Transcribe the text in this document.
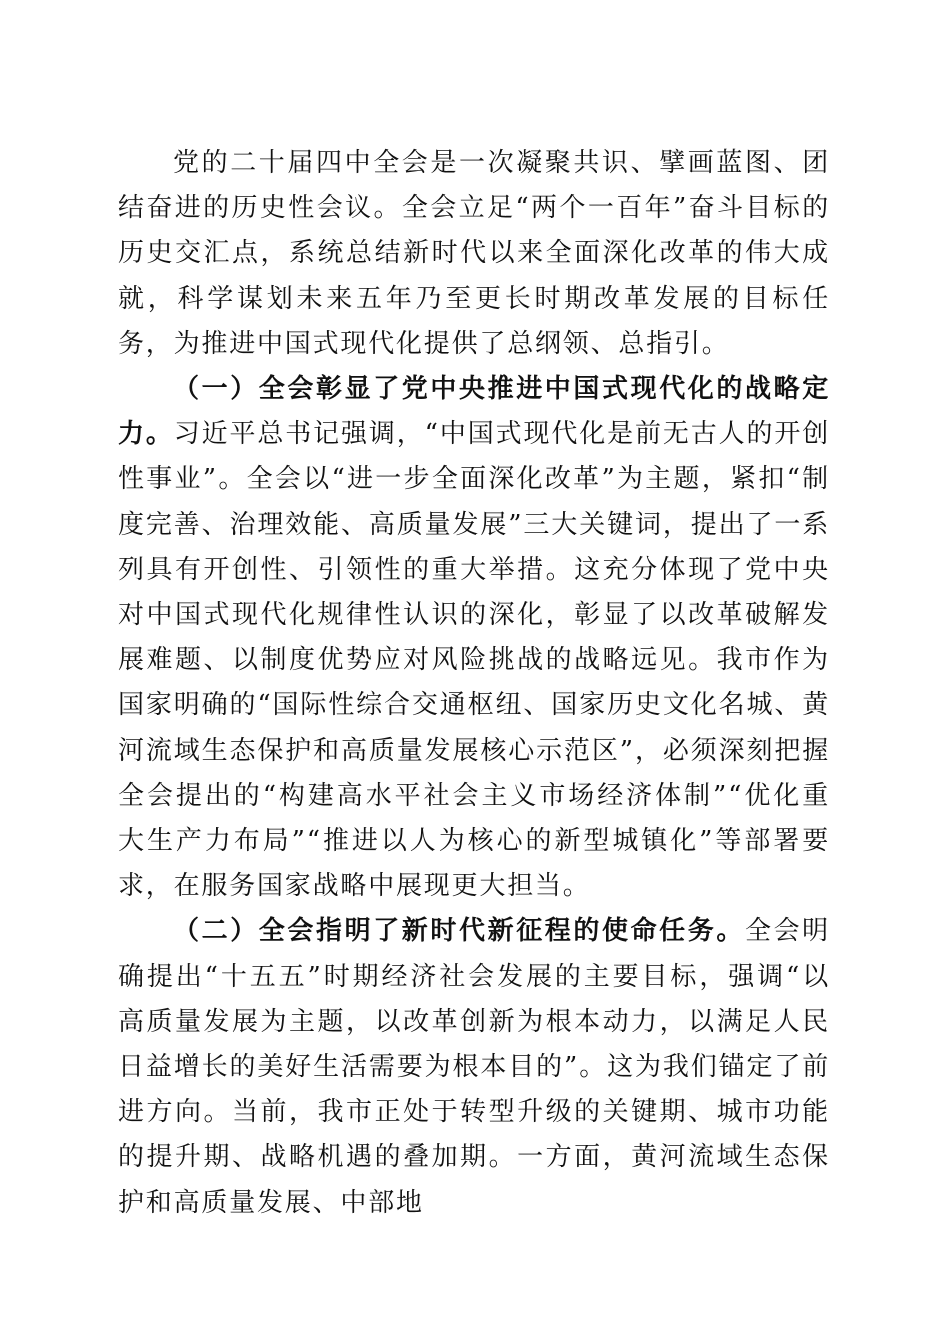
党的二十届四中全会是一次凝聚共识、擘画蓝图、团结奋进的历史性会议。全会立足“两个一百年”奋斗目标的历史交汇点，系统总结新时代以来全面深化改革的伟大成就，科学谋划未来五年乃至更长时期改革发展的目标任务，为推进中国式现代化提供了总纲领、总指引。

（一）全会彰显了党中央推进中国式现代化的战略定力。习近平总书记强调，“中国式现代化是前无古人的开创性事业”。全会以“进一步全面深化改革”为主题，紧扣“制度完善、治理效能、高质量发展”三大关键词，提出了一系列具有开创性、引领性的重大举措。这充分体现了党中央对中国式现代化规律性认识的深化，彰显了以改革破解发展难题、以制度优势应对风险挑战的战略远见。我市作为国家明确的“国际性综合交通枢纽、国家历史文化名城、黄河流域生态保护和高质量发展核心示范区”，必须深刻把握全会提出的“构建高水平社会主义市场经济体制”“优化重大生产力布局”“推进以人为核心的新型城镇化”等部署要求，在服务国家战略中展现更大担当。

（二）全会指明了新时代新征程的使命任务。全会明确提出“十五五”时期经济社会发展的主要目标，强调“以高质量发展为主题，以改革创新为根本动力，以满足人民日益增长的美好生活需要为根本目的”。这为我们锚定了前进方向。当前，我市正处于转型升级的关键期、城市功能的提升期、战略机遇的叠加期。一方面，黄河流域生态保护和高质量发展、中部地
